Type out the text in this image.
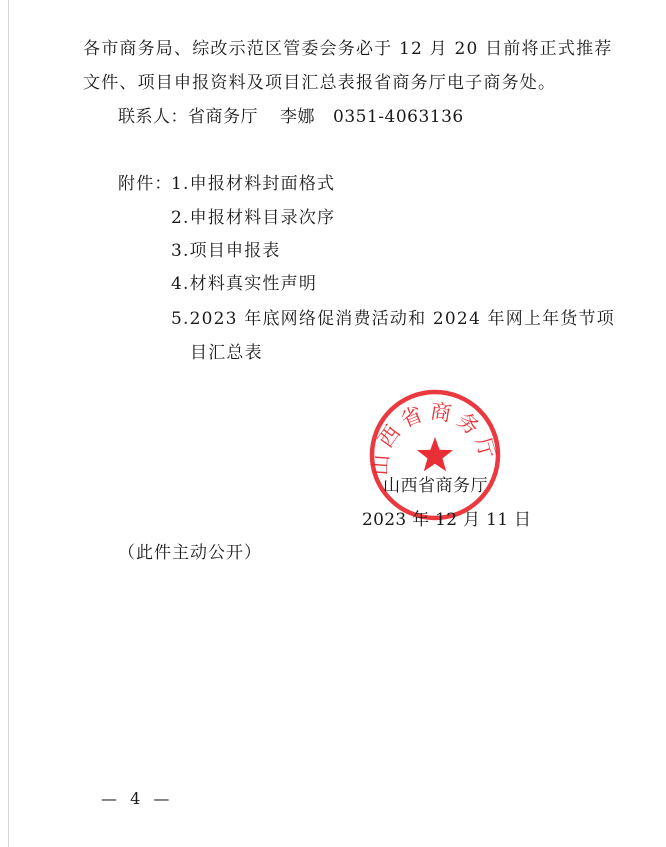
各市商务局、综改示范区管委会务必于 12 月 20 日前将正式推荐
文件、项目申报资料及项目汇总表报省商务厅电子商务处。
联系人：省商务厅 李娜 0351-4063136
附件：
1.申报材料封面格式
2.申报材料目录次序
3.项目申报表
4.材料真实性声明
5.2023 年底网络促消费活动和 2024 年网上年货节项
目汇总表
山西省商务厅
山西省商务厅
2023 年 12 月 11 日
（此件主动公开）
— 4 —
